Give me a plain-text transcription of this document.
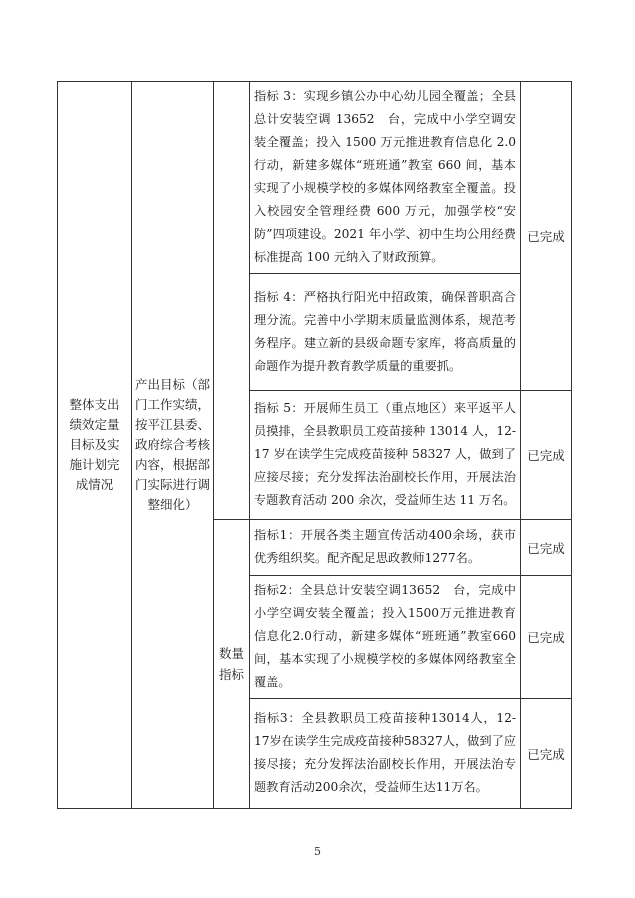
整体支出绩效定量目标及实施计划完成情况	产出目标（部门工作实绩，按平江县委、政府综合考核内容，根据部门实际进行调整细化）		指标 3：实现乡镇公办中心幼儿园全覆盖；全县总计安装空调 13652　台，完成中小学空调安装全覆盖；投入 1500 万元推进教育信息化 2.0 行动，新建多媒体“班班通”教室 660 间，基本实现了小规模学校的多媒体网络教室全覆盖。投入校园安全管理经费 600 万元，加强学校“安防”四项建设。2021 年小学、初中生均公用经费标准提高 100 元纳入了财政预算。	已完成
			指标 4：严格执行阳光中招政策，确保普职高合理分流。完善中小学期末质量监测体系，规范考务程序。建立新的县级命题专家库，将高质量的命题作为提升教育教学质量的重要抓。	
			指标 5：开展师生员工（重点地区）来平返平人员摸排，全县教职员工疫苗接种 13014 人，12-17 岁在读学生完成疫苗接种 58327 人，做到了应接尽接；充分发挥法治副校长作用，开展法治专题教育活动 200 余次，受益师生达 11 万名。	已完成
		数量指标	指标1：开展各类主题宣传活动400余场，获市优秀组织奖。配齐配足思政教师1277名。	已完成
			指标2：全县总计安装空调13652　台，完成中小学空调安装全覆盖；投入1500万元推进教育信息化2.0行动，新建多媒体“班班通”教室660间，基本实现了小规模学校的多媒体网络教室全覆盖。	已完成
			指标3：全县教职员工疫苗接种13014人，12-17岁在读学生完成疫苗接种58327人，做到了应接尽接；充分发挥法治副校长作用，开展法治专题教育活动200余次，受益师生达11万名。	已完成
5
